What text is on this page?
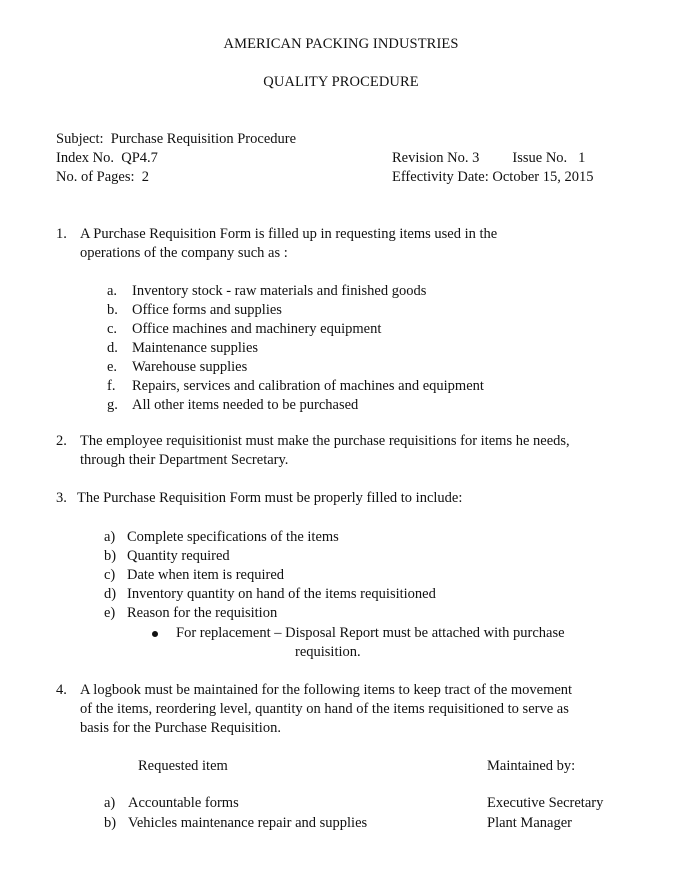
AMERICAN PACKING INDUSTRIES
QUALITY PROCEDURE
Subject: Purchase Requisition Procedure
Index No. QP4.7
No. of Pages: 2
Revision No. 3 Issue No. 1
Effectivity Date: October 15, 2015
1. A Purchase Requisition Form is filled up in requesting items used in the
operations of the company such as :
a. Inventory stock - raw materials and finished goods
b. Office forms and supplies
c. Office machines and machinery equipment
d. Maintenance supplies
e. Warehouse supplies
f. Repairs, services and calibration of machines and equipment
g. All other items needed to be purchased
2. The employee requisitionist must make the purchase requisitions for items he needs,
through their Department Secretary.
3. The Purchase Requisition Form must be properly filled to include:
a) Complete specifications of the items
b) Quantity required
c) Date when item is required
d) Inventory quantity on hand of the items requisitioned
e) Reason for the requisition
For replacement – Disposal Report must be attached with purchase
requisition.
4. A logbook must be maintained for the following items to keep tract of the movement
of the items, reordering level, quantity on hand of the items requisitioned to serve as
basis for the Purchase Requisition.
Requested item	Maintained by:
a) Accountable forms	Executive Secretary
b) Vehicles maintenance repair and supplies	Plant Manager
